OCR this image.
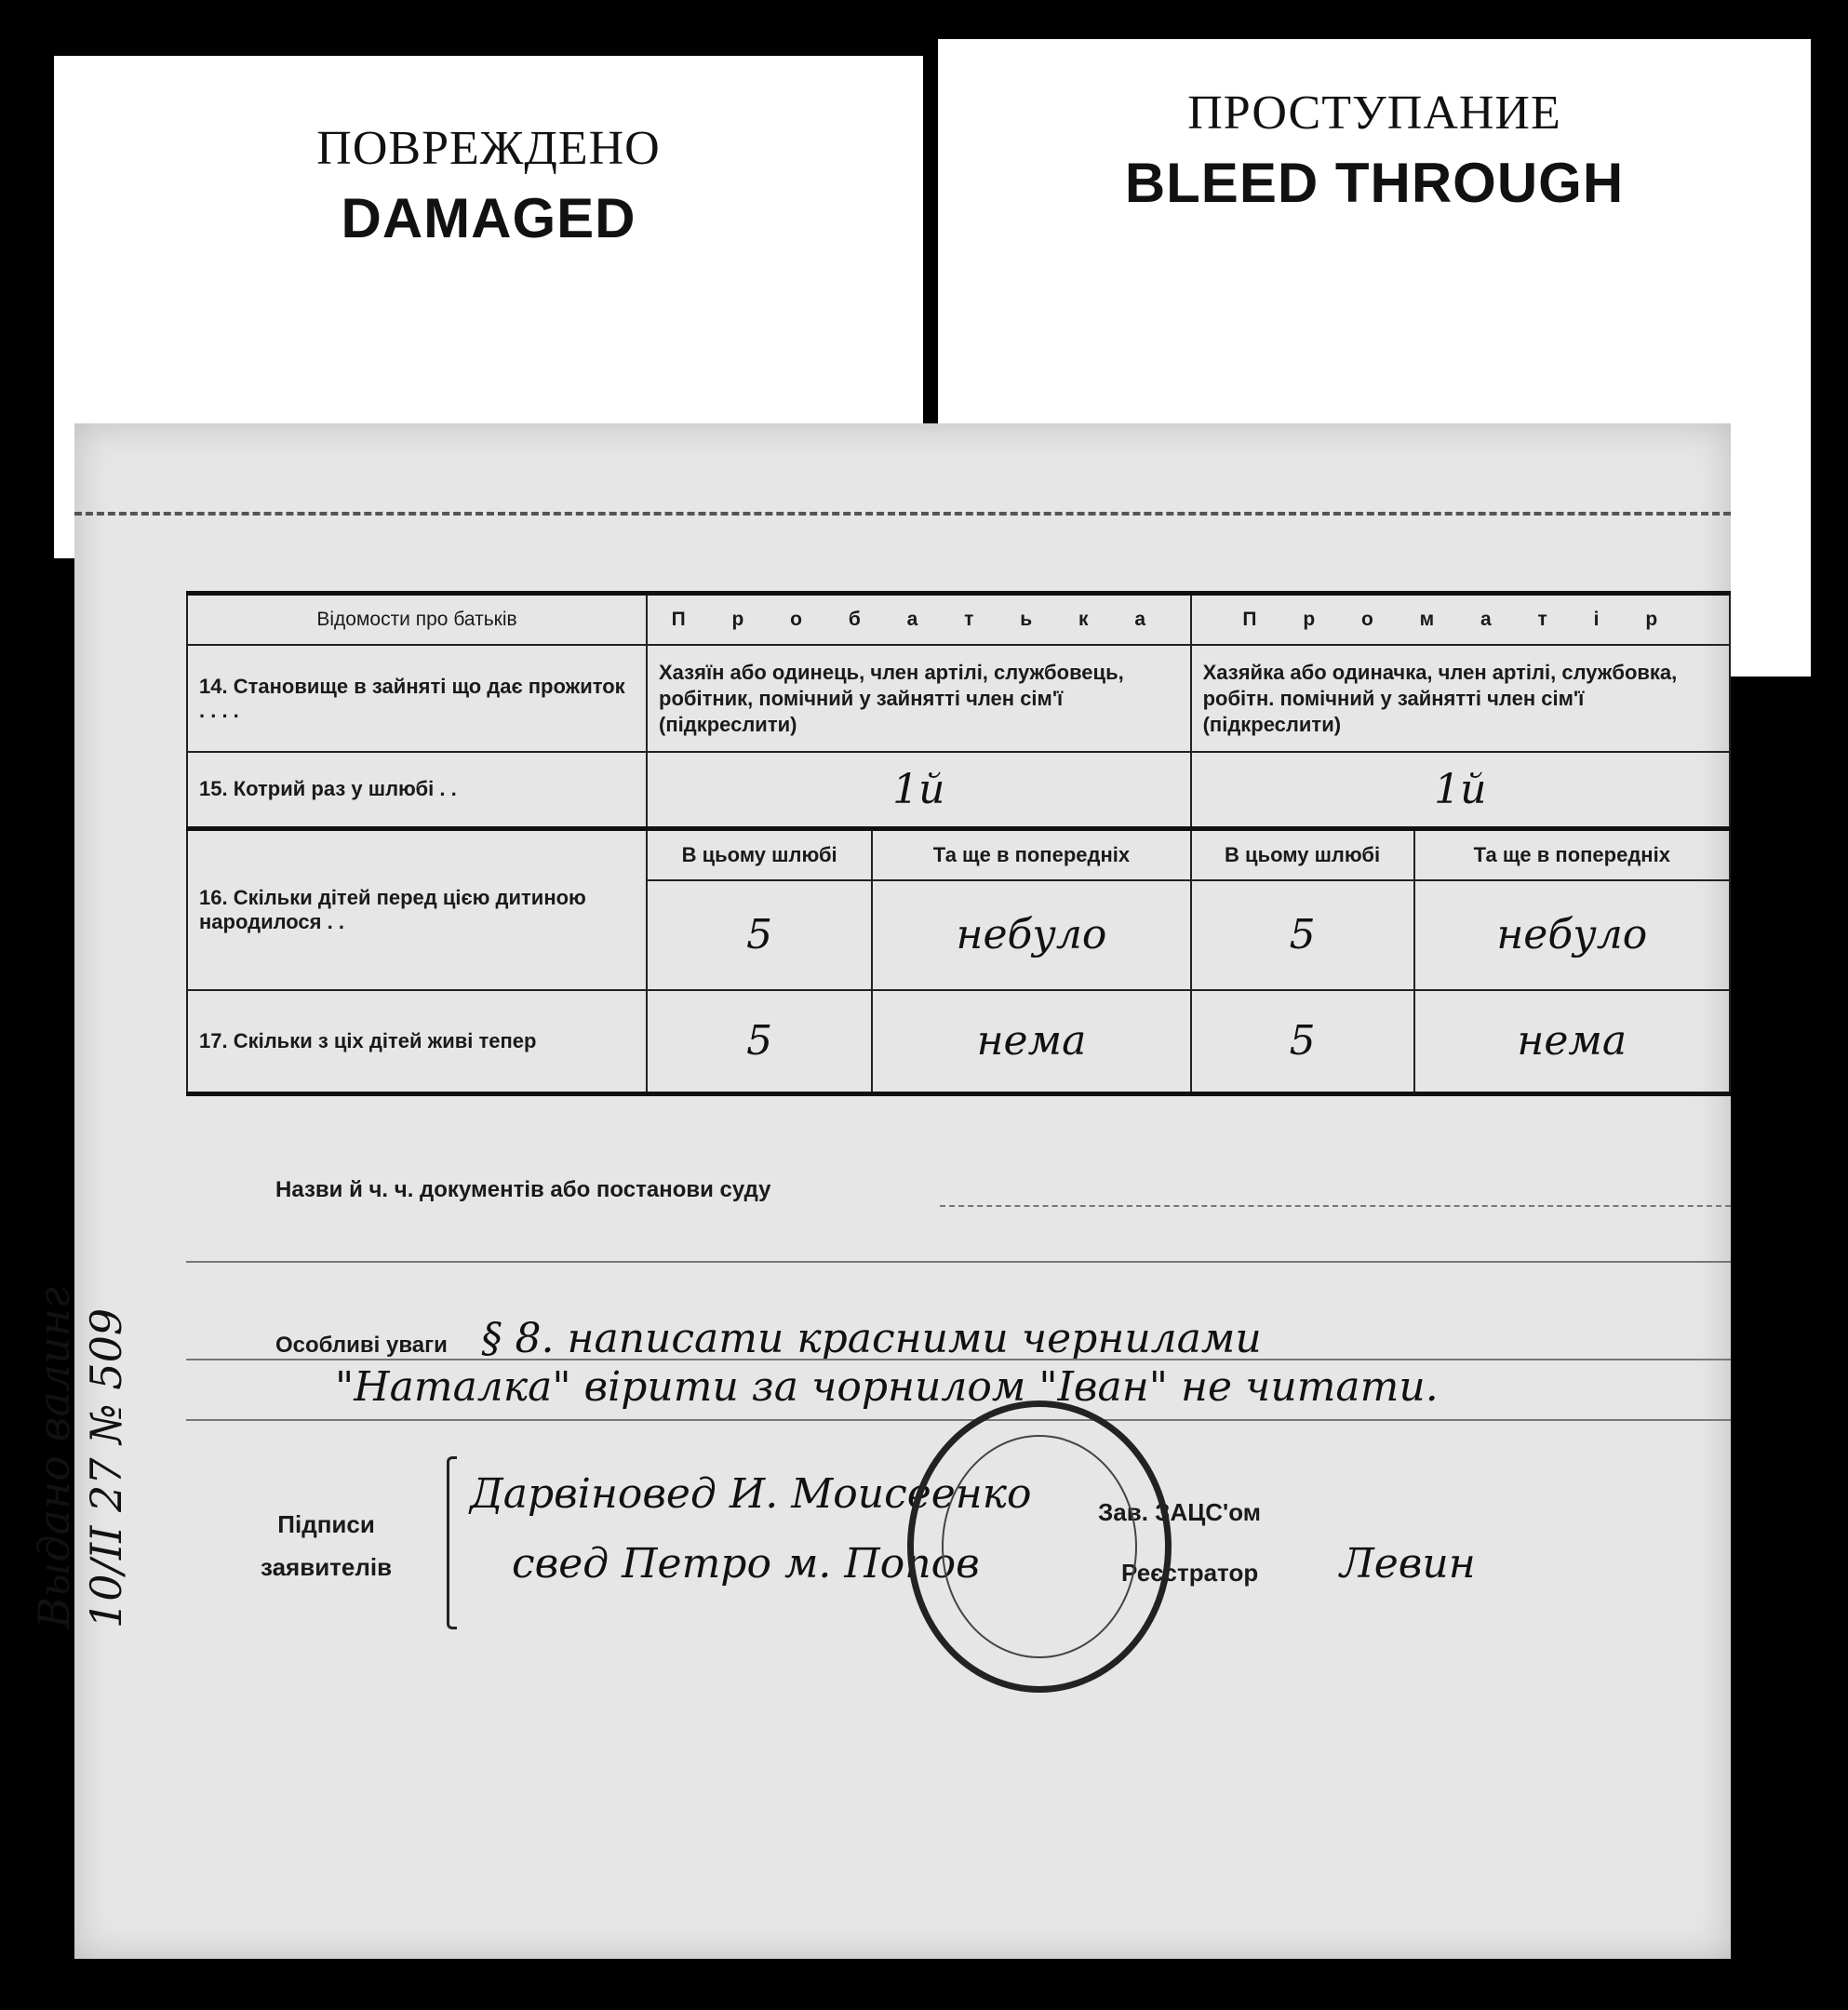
ПОВРЕЖДЕНО
DAMAGED
ПРОСТУПАНИЕ
BLEED THROUGH
Відомости про батьків	П р о б а т ь к а		П р о м а т і р	
14. Становище в зайняті що дає прожиток . . . .	Хазяїн або одинець, член артілі, службовець, робітник, помічний у зайнятті член сім'ї (підкреслити)		Хазяйка або одиначка, член артілі, службовка, робітн. помічний у зайнятті член сім'ї (підкреслити)	
15. Котрий раз у шлюбі . .	1й		1й	
16. Скільки дітей перед цією дитиною народилося . .	В цьому шлюбі	Та ще в попередніх	В цьому шлюбі	Та ще в попередніх
	5	небуло	5	небуло
17. Скільки з ціх дітей живі тепер	5	нема	5	нема
Назви й ч. ч. документів або постанови суду
Особливі уваги § 8. написати красними чернилами
"Наталка" вірити за чорнилом "Іван" не читати.
Підписи
заявителів
Дарвіновед И. Моисеенко
свед Петро м. Попов
Зав. ЗАЦС'ом
Реєстратор Левин
Выдано валинг 10/ІІ 27 № 509
